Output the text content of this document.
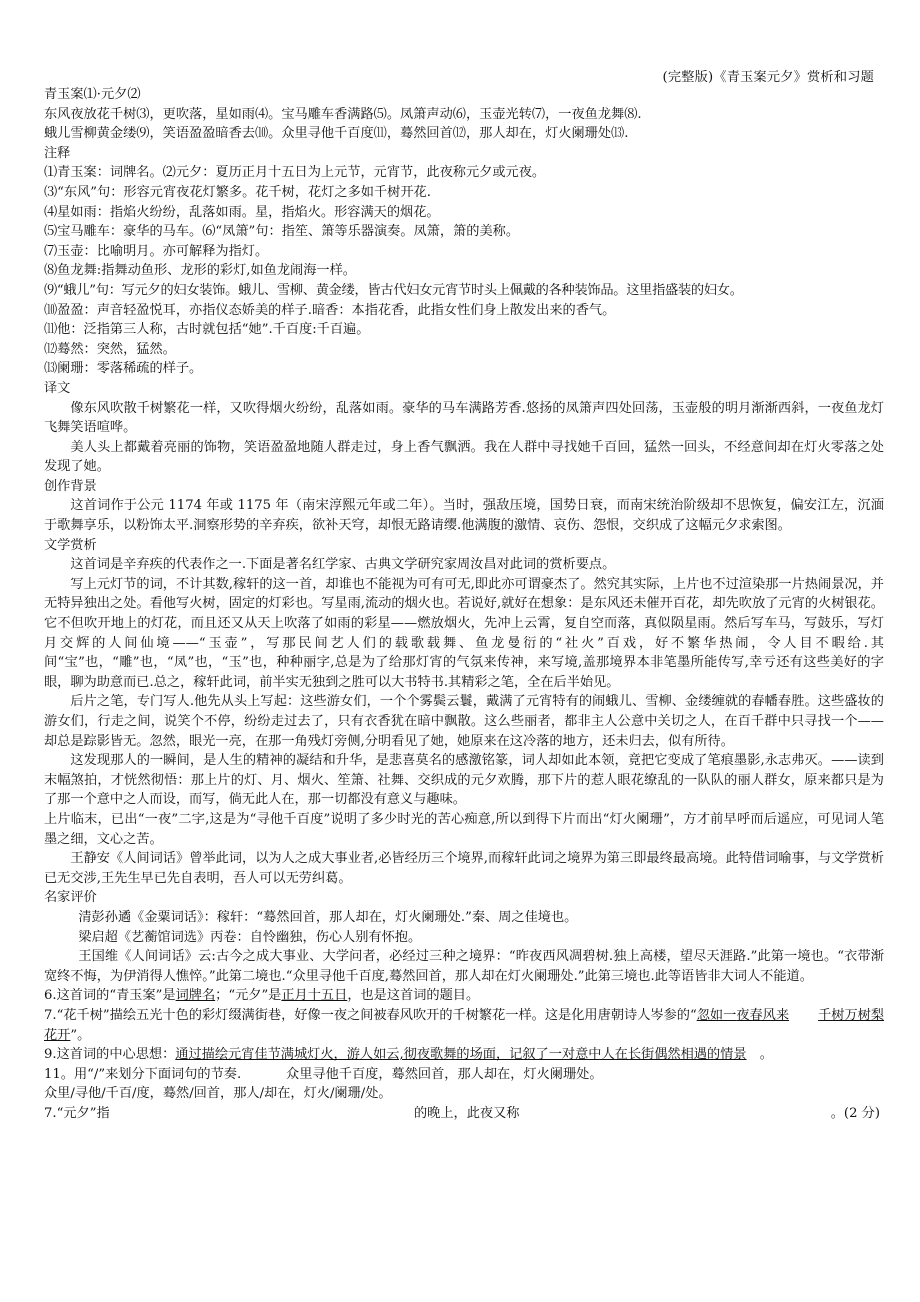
(完整版)《青玉案元夕》赏析和习题
青玉案⑴·元夕⑵
东风夜放花千树⑶，更吹落，星如雨⑷。宝马雕车香满路⑸。凤箫声动⑹，玉壶光转⑺，一夜鱼龙舞⑻.
蛾儿雪柳黄金缕⑼，笑语盈盈暗香去⑽。众里寻他千百度⑾，蓦然回首⑿，那人却在，灯火阑珊处⒀.
注释
⑴青玉案：词牌名。⑵元夕：夏历正月十五日为上元节，元宵节，此夜称元夕或元夜。
⑶“东风”句：形容元宵夜花灯繁多。花千树，花灯之多如千树开花.
⑷星如雨：指焰火纷纷，乱落如雨。星，指焰火。形容满天的烟花。
⑸宝马雕车：豪华的马车。⑹“凤箫”句：指笙、箫等乐器演奏。凤箫，箫的美称。
⑺玉壶：比喻明月。亦可解释为指灯。
⑻鱼龙舞:指舞动鱼形、龙形的彩灯,如鱼龙闹海一样。
⑼“蛾儿”句：写元夕的妇女装饰。蛾儿、雪柳、黄金缕，皆古代妇女元宵节时头上佩戴的各种装饰品。这里指盛装的妇女。
⑽盈盈：声音轻盈悦耳，亦指仪态娇美的样子.暗香：本指花香，此指女性们身上散发出来的香气。
⑾他：泛指第三人称，古时就包括“她”.千百度:千百遍。
⑿蓦然：突然，猛然。
⒀阑珊：零落稀疏的样子。
译文
像东风吹散千树繁花一样，又吹得烟火纷纷，乱落如雨。豪华的马车满路芳香.悠扬的凤箫声四处回荡，玉壶般的明月渐渐西斜，一夜鱼龙灯飞舞笑语喧哗。
美人头上都戴着亮丽的饰物，笑语盈盈地随人群走过，身上香气飘洒。我在人群中寻找她千百回，猛然一回头，不经意间却在灯火零落之处发现了她。
创作背景
这首词作于公元 1174 年或 1175 年（南宋淳熙元年或二年）。当时，强敌压境，国势日衰，而南宋统治阶级却不思恢复，偏安江左，沉湎于歌舞享乐，以粉饰太平.洞察形势的辛弃疾，欲补天穹，却恨无路请缨.他满腹的激情、哀伤、怨恨，交织成了这幅元夕求索图。
文学赏析
这首词是辛弃疾的代表作之一.下面是著名红学家、古典文学研究家周汝昌对此词的赏析要点。
写上元灯节的词，不计其数,稼轩的这一首，却谁也不能视为可有可无,即此亦可谓豪杰了。然究其实际，上片也不过渲染那一片热闹景况，并无特异独出之处。看他写火树，固定的灯彩也。写星雨,流动的烟火也。若说好,就好在想象：是东风还未催开百花，却先吹放了元宵的火树银花。它不但吹开地上的灯花，而且还又从天上吹落了如雨的彩星——燃放烟火，先冲上云霄，复自空而落，真似陨星雨。然后写车马，写鼓乐，写灯月交辉的人间仙境——“玉壶”，写那民间艺人们的载歌载舞、鱼龙曼衍的“社火”百戏，好不繁华热闹，令人目不暇给.其间“宝”也，“雕”也，“凤”也，“玉”也，种种丽字,总是为了给那灯宵的气氛来传神，来写境,盖那境界本非笔墨所能传写,幸亏还有这些美好的字眼，聊为助意而已.总之，稼轩此词，前半实无独到之胜可以大书特书.其精彩之笔，全在后半始见。
后片之笔，专门写人.他先从头上写起：这些游女们，一个个雾鬓云鬟，戴满了元宵特有的闹蛾儿、雪柳、金缕缠就的春幡春胜。这些盛妆的游女们，行走之间，说笑个不停，纷纷走过去了，只有衣香犹在暗中飘散。这么些丽者，都非主人公意中关切之人，在百千群中只寻找一个——却总是踪影皆无。忽然，眼光一亮，在那一角残灯旁侧,分明看见了她，她原来在这冷落的地方，还未归去，似有所待。
这发现那人的一瞬间，是人生的精神的凝结和升华，是悲喜莫名的感激铭篆，词人却如此本领，竟把它变成了笔痕墨影,永志弗灭。——读到末幅煞拍，才恍然彻悟：那上片的灯、月、烟火、笙箫、社舞、交织成的元夕欢腾，那下片的惹人眼花缭乱的一队队的丽人群女，原来都只是为了那一个意中之人而设，而写，倘无此人在，那一切都没有意义与趣味。
上片临末，已出“一夜”二字,这是为“寻他千百度”说明了多少时光的苦心痴意,所以到得下片而出“灯火阑珊”，方才前早呼而后遥应，可见词人笔墨之细，文心之苦。
王静安《人间词话》曾举此词，以为人之成大事业者,必皆经历三个境界,而稼轩此词之境界为第三即最终最高境。此特借词喻事，与文学赏析已无交涉,王先生早已先自表明，吾人可以无劳纠葛。
名家评价
清彭孙遹《金粟词话》：稼轩：“蓦然回首，那人却在，灯火阑珊处.”秦、周之佳境也。
梁启超《艺蘅馆词选》丙卷：自怜幽独，伤心人别有怀抱。
王国维《人间词话》云:古今之成大事业、大学问者，必经过三种之境界：“昨夜西风凋碧树.独上高楼，望尽天涯路.”此第一境也。“衣带渐宽终不悔，为伊消得人憔悴。”此第二境也.“众里寻他千百度,蓦然回首，那人却在灯火阑珊处.”此第三境也.此等语皆非大词人不能道。
6.这首词的“青玉案”是词牌名；“元夕”是正月十五日，也是这首词的题目。
7.“花千树”描绘五光十色的彩灯缀满街巷，好像一夜之间被春风吹开的千树繁花一样。这是化用唐朝诗人岑参的“忽如一夜春风来 千树万树梨花开”。
9.这首词的中心思想：通过描绘元宵佳节满城灯火，游人如云,彻夜歌舞的场面，记叙了一对意中人在长街偶然相遇的情景 。
11。用“/”来划分下面词句的节奏.	众里寻他千百度，蓦然回首，那人却在，灯火阑珊处。
众里/寻他/千百/度，蓦然/回首，那人/却在，灯火/阑珊/处。
7.“元夕”指	的晚上，此夜又称	。(2 分)
